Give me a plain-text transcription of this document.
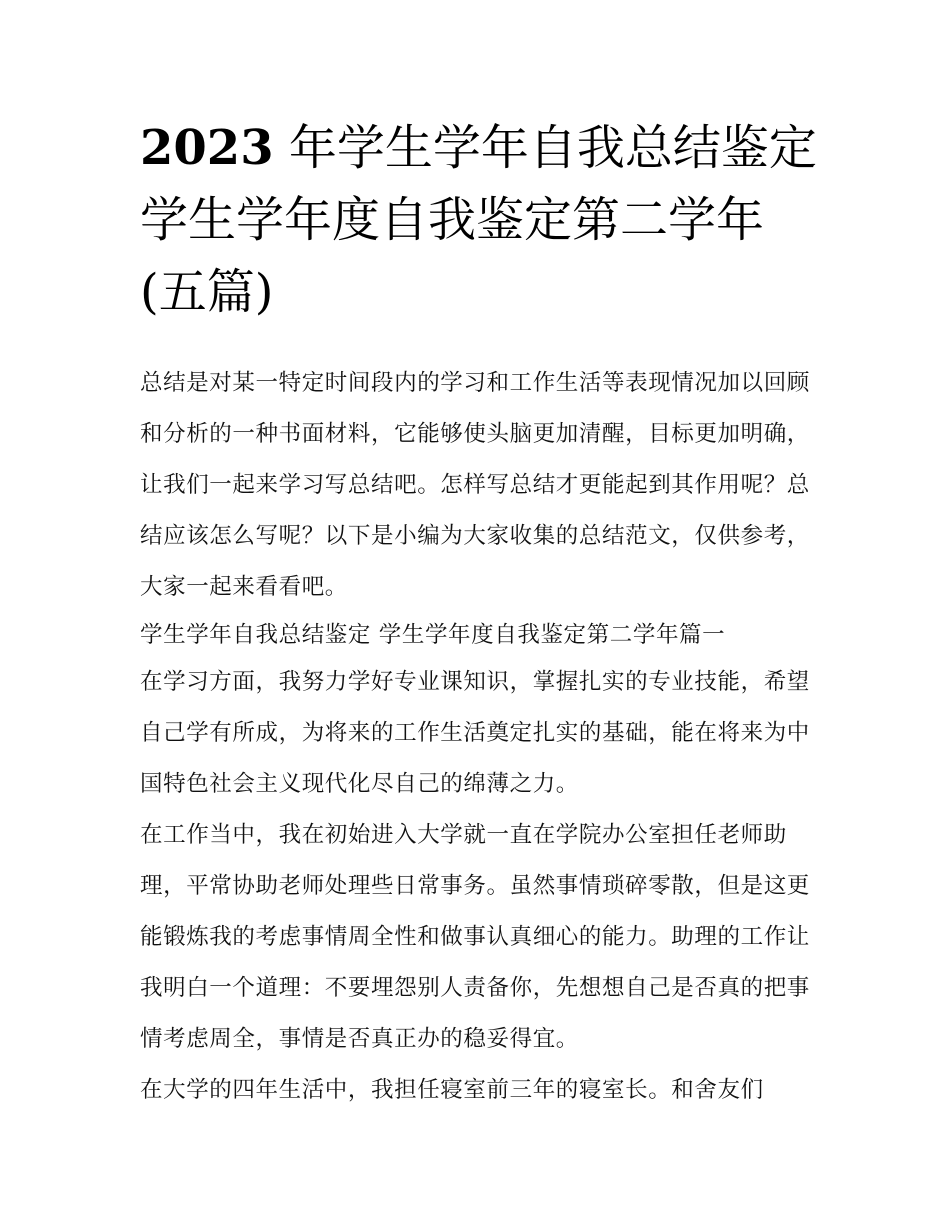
2023 年学生学年自我总结鉴定学生学年度自我鉴定第二学年(五篇)

总结是对某一特定时间段内的学习和工作生活等表现情况加以回顾和分析的一种书面材料，它能够使头脑更加清醒，目标更加明确，让我们一起来学习写总结吧。怎样写总结才更能起到其作用呢？总结应该怎么写呢？以下是小编为大家收集的总结范文，仅供参考，大家一起来看看吧。

学生学年自我总结鉴定 学生学年度自我鉴定第二学年篇一

在学习方面，我努力学好专业课知识，掌握扎实的专业技能，希望自己学有所成，为将来的工作生活奠定扎实的基础，能在将来为中国特色社会主义现代化尽自己的绵薄之力。

在工作当中，我在初始进入大学就一直在学院办公室担任老师助理，平常协助老师处理些日常事务。虽然事情琐碎零散，但是这更能锻炼我的考虑事情周全性和做事认真细心的能力。助理的工作让我明白一个道理：不要埋怨别人责备你，先想想自己是否真的把事情考虑周全，事情是否真正办的稳妥得宜。

在大学的四年生活中，我担任寝室前三年的寝室长。和舍友们
